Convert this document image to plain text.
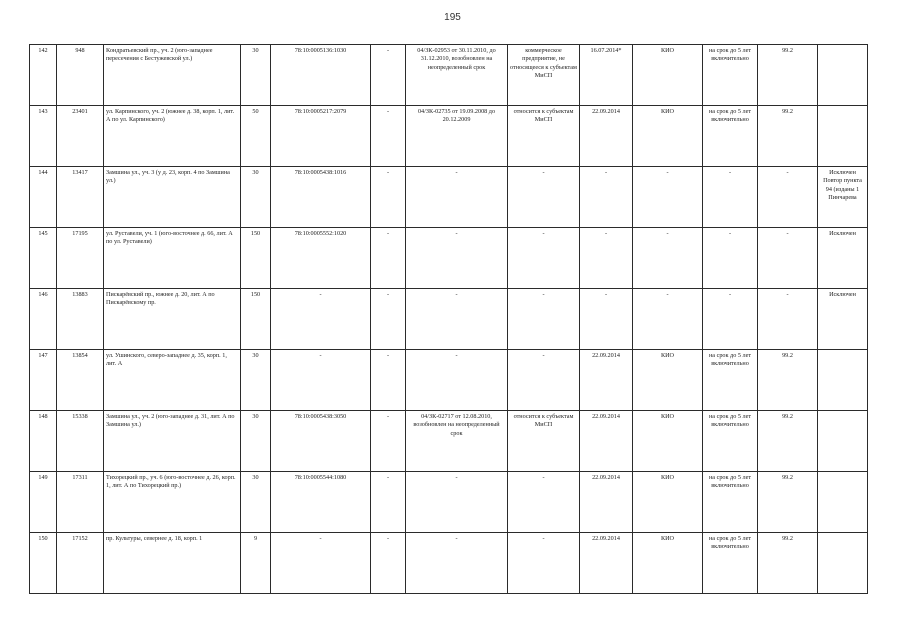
195
142	948	Кондратьевский пр., уч. 2 (юго-западнее пересечения с Бестужевской ул.)	30	78:10:0005136:1030	-	04/ЗК-02953 от 30.11.2010, до 31.12.2010, возобновлен на неопределенный срок	коммерческое предприятие, не относящееся к субъектам МиСП	16.07.2014*	КИО	на срок до 5 лет включительно	99.2	
143	23401	ул. Карпинского, уч. 2 (южнее д. 38, корп. 1, лит. А по ул. Карпинского)	50	78:10:0005217:2079	-	04/ЗК-02735 от 19.09.2008 до 20.12.2009	относится к субъектам МиСП	22.09.2014	КИО	на срок до 5 лет включительно	99.2	
144	13417	Замшина ул., уч. 3 (у д. 23, корп. 4 по Замшина ул.)	30	78:10:0005438:1016	-	-	-	-	-	-	-	Исключен Повтор пункта 94 (изданы 1 Пинчарева
145	17195	ул. Руставели, уч. 1 (юго-восточнее д. 66, лит. А по ул. Руставели)	150	78:10:0005552:1020	-	-	-	-	-	-	-	Исключен
146	13883	Пискарёвский пр., южнее д. 20, лит. А по Пискарёвскому пр.	150	-	-	-	-	-	-	-	-	Исключен
147	13854	ул. Ушинского, северо-западнее д. 35, корп. 1, лит. А	30	-	-	-	-	22.09.2014	КИО	на срок до 5 лет включительно	99.2	
148	15338	Замшина ул., уч. 2 (юго-западнее д. 31, лит. А по Замшина ул.)	30	78:10:0005438:3050	-	04/ЗК-02717 от 12.08.2010, возобновлен на неопределенный срок	относится к субъектам МиСП	22.09.2014	КИО	на срок до 5 лет включительно	99.2	
149	17311	Тихорецкий пр., уч. 6 (юго-восточнее д. 26, корп. 1, лит. А по Тихорецкий пр.)	30	78:10:0005544:1080	-	-	-	22.09.2014	КИО	на срок до 5 лет включительно	99.2	
150	17152	пр. Культуры, севернее д. 18, корп. 1	9	-	-	-	-	22.09.2014	КИО	на срок до 5 лет включительно	99.2	
